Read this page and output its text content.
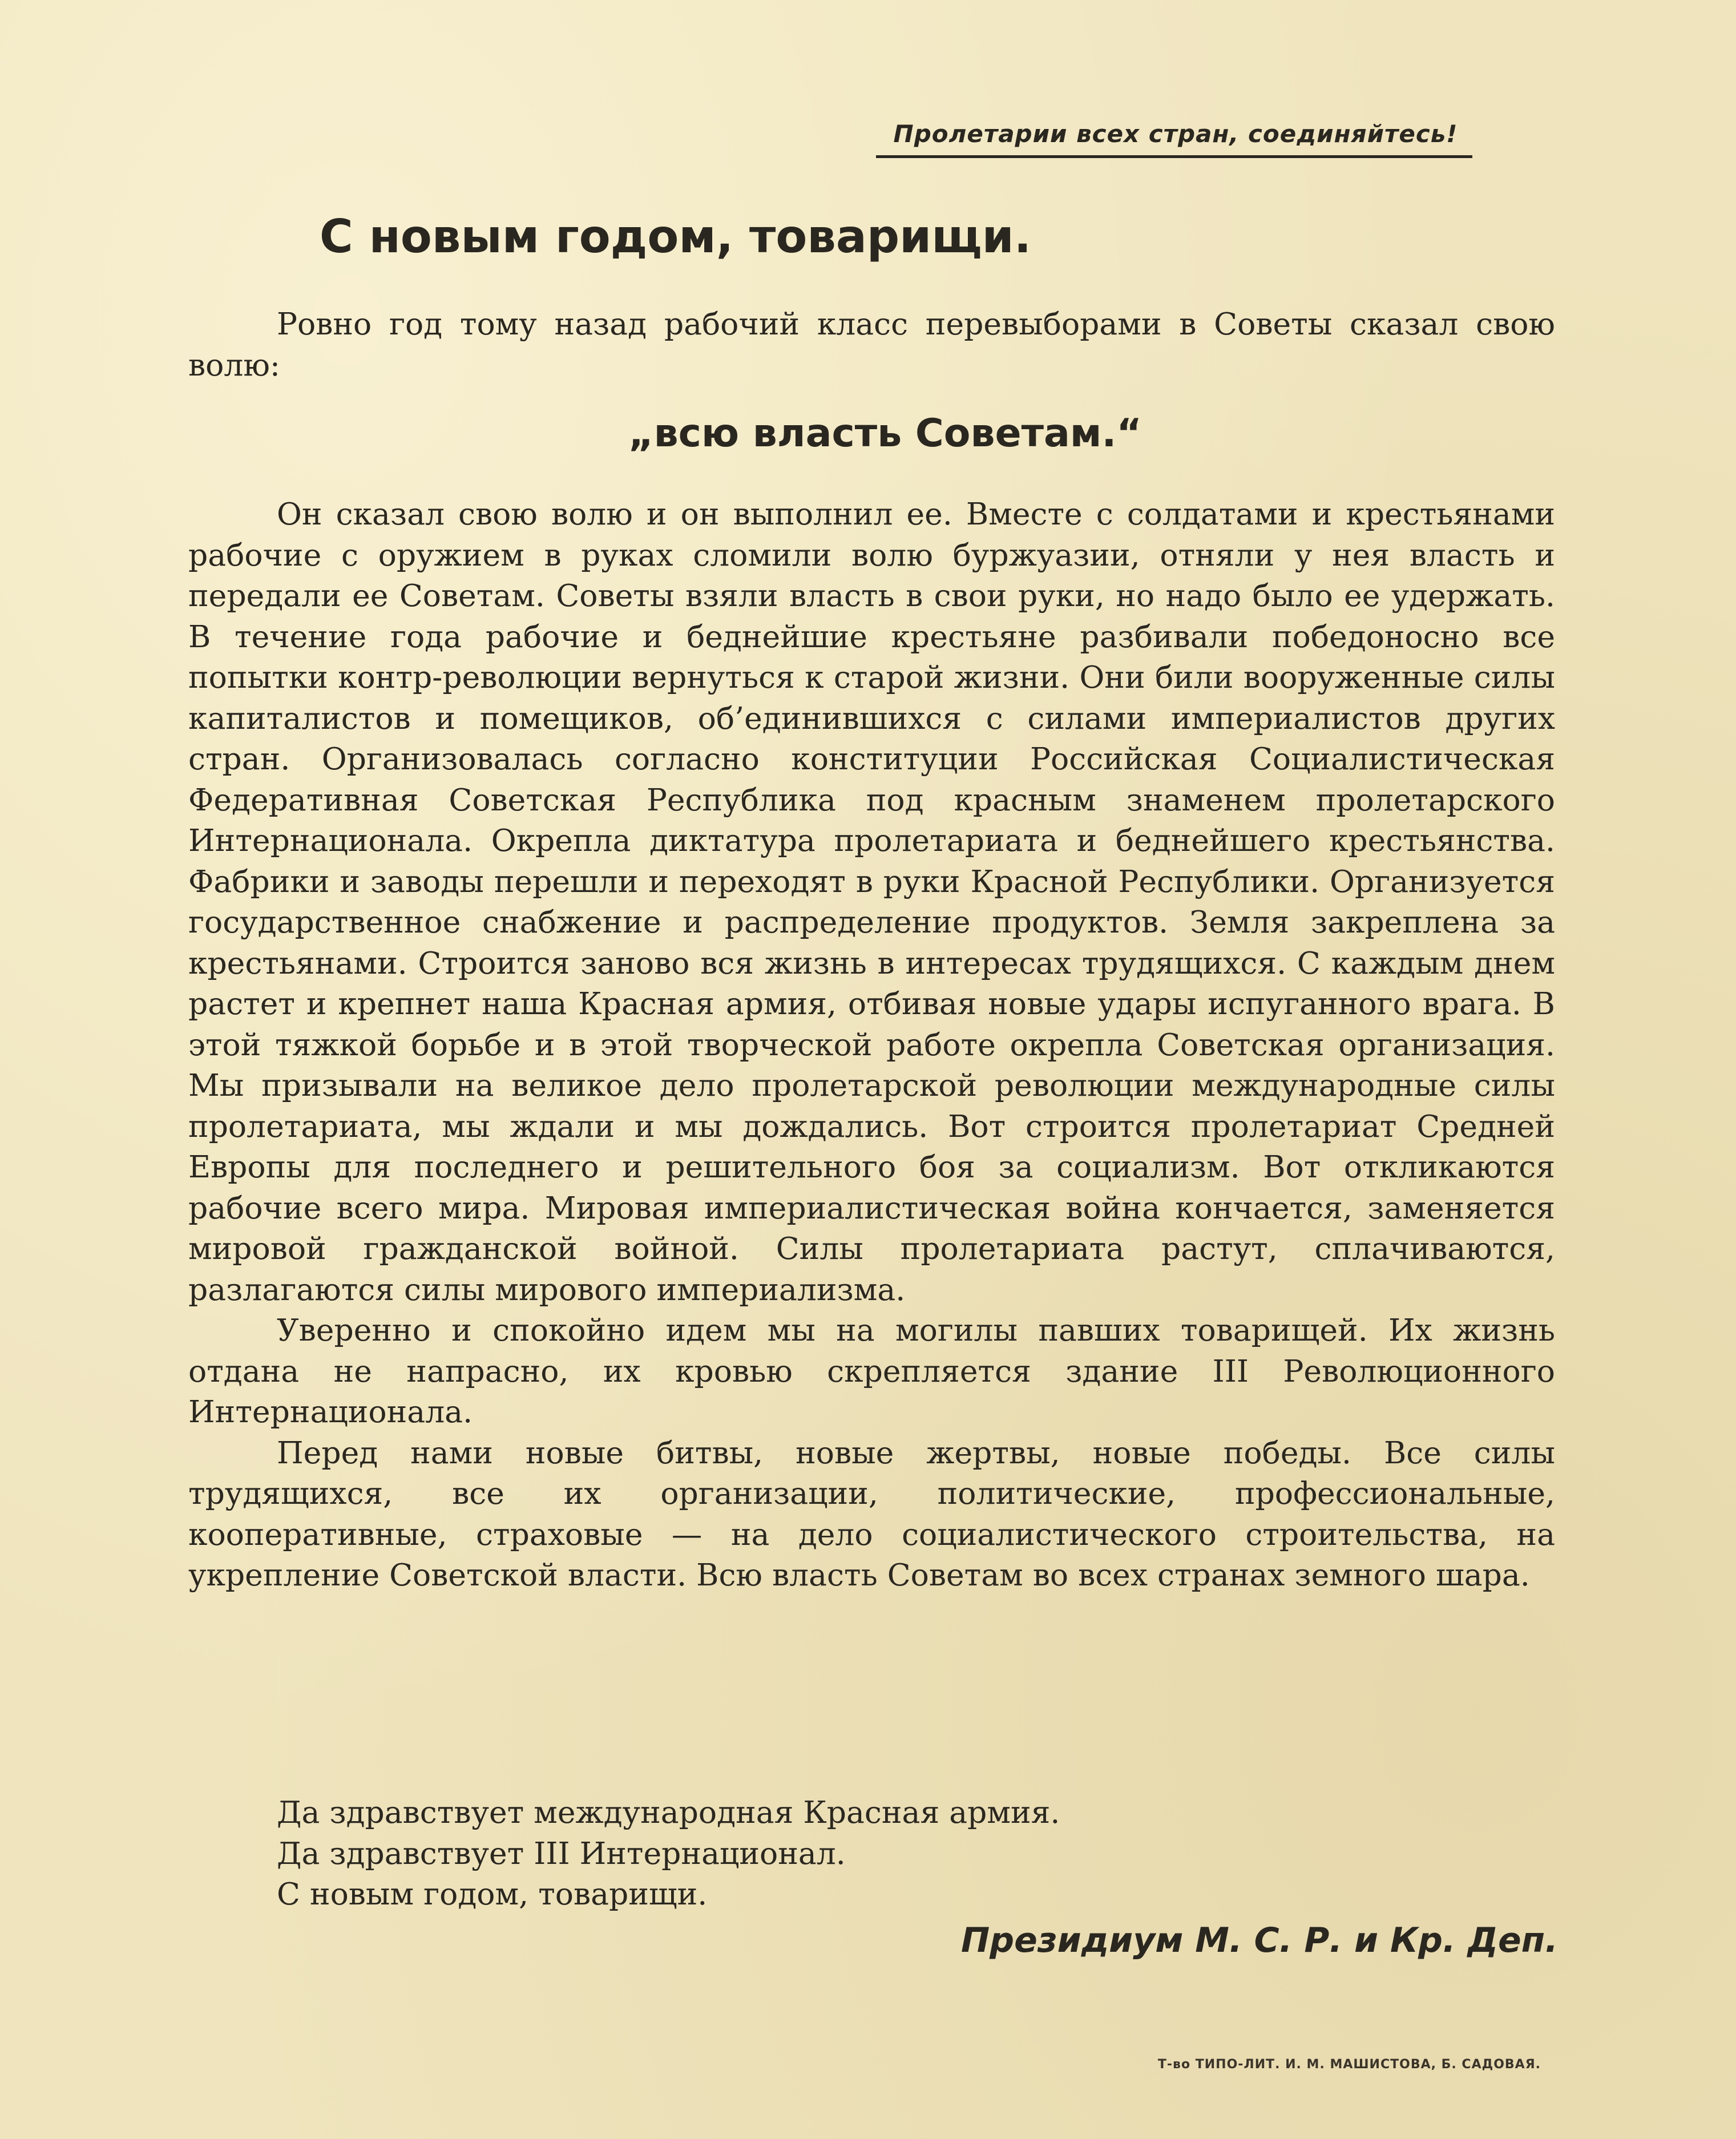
Пролетарии всех стран, соединяйтесь!
С новым годом, товарищи.

Ровно год тому назад рабочий класс перевыборами в Советы сказал свою волю:

„всю власть Советам.“

Он сказал свою волю и он выполнил ее. Вместе с солдатами и крестьянами рабочие с оружием в руках сломили волю буржуазии, отняли у нея власть и передали ее Советам. Советы взяли власть в свои руки, но надо было ее удержать. В течение года рабочие и беднейшие крестьяне разбивали победоносно все попытки контр-революции вернуться к старой жизни. Они били вооруженные силы капиталистов и помещиков, об’единившихся с силами империалистов других стран. Организовалась согласно конституции Российская Социалистическая Федеративная Советская Республика под красным знаменем пролетарского Интернационала. Окрепла диктатура пролетариата и беднейшего крестьянства. Фабрики и заводы перешли и переходят в руки Красной Республики. Организуется государственное снабжение и распределение продуктов. Земля закреплена за крестьянами. Строится заново вся жизнь в интересах трудящихся. С каждым днем растет и крепнет наша Красная армия, отбивая новые удары испуганного врага. В этой тяжкой борьбе и в этой творческой работе окрепла Советская организация. Мы призывали на великое дело пролетарской революции международные силы пролетариата, мы ждали и мы дождались. Вот строится пролетариат Средней Европы для последнего и решительного боя за социализм. Вот откликаются рабочие всего мира. Мировая империалистическая война кончается, заменяется мировой гражданской войной. Силы пролетариата растут, сплачиваются, разлагаются силы мирового империализма.

Уверенно и спокойно идем мы на могилы павших товарищей. Их жизнь отдана не напрасно, их кровью скрепляется здание III Революционного Интернационала.

Перед нами новые битвы, новые жертвы, новые победы. Все силы трудящихся, все их организации, политические, профессиональные, кооперативные, страховые — на дело социалистического строительства, на укрепление Советской власти. Всю власть Советам во всех странах земного шара.

Да здравствует международная Красная армия.
Да здравствует III Интернационал.
С новым годом, товарищи.
Президиум М. С. Р. и Кр. Деп.
Т-во ТИПО-ЛИТ. И. М. МАШИСТОВА, Б. САДОВАЯ.
